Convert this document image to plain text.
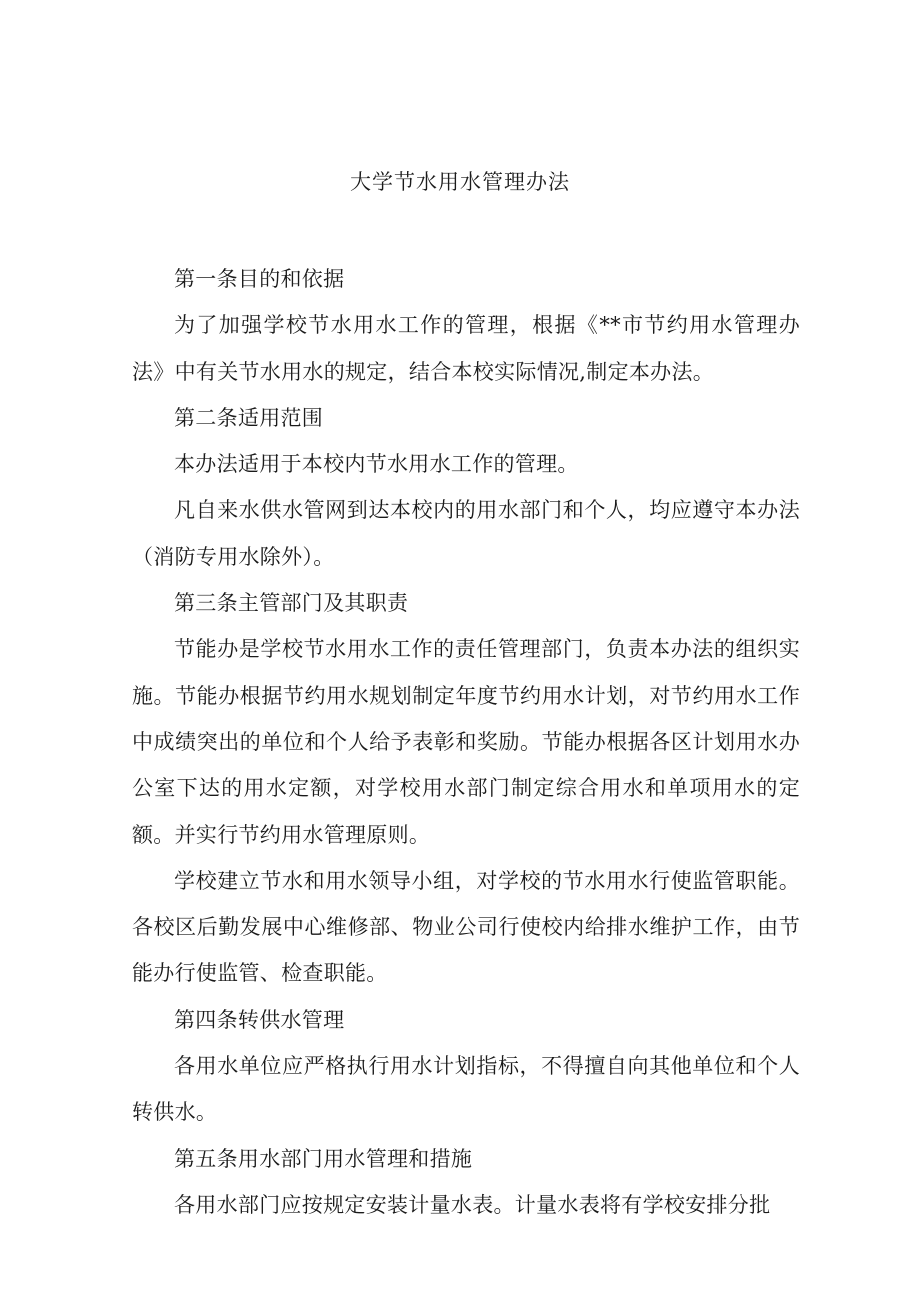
大学节水用水管理办法

第一条目的和依据

为了加强学校节水用水工作的管理，根据《**市节约用水管理办法》中有关节水用水的规定，结合本校实际情况,制定本办法。

第二条适用范围

本办法适用于本校内节水用水工作的管理。

凡自来水供水管网到达本校内的用水部门和个人，均应遵守本办法（消防专用水除外）。

第三条主管部门及其职责

节能办是学校节水用水工作的责任管理部门，负责本办法的组织实施。节能办根据节约用水规划制定年度节约用水计划，对节约用水工作中成绩突出的单位和个人给予表彰和奖励。节能办根据各区计划用水办公室下达的用水定额，对学校用水部门制定综合用水和单项用水的定额。并实行节约用水管理原则。

学校建立节水和用水领导小组，对学校的节水用水行使监管职能。各校区后勤发展中心维修部、物业公司行使校内给排水维护工作，由节能办行使监管、检查职能。

第四条转供水管理

各用水单位应严格执行用水计划指标，不得擅自向其他单位和个人转供水。

第五条用水部门用水管理和措施

各用水部门应按规定安装计量水表。计量水表将有学校安排分批
